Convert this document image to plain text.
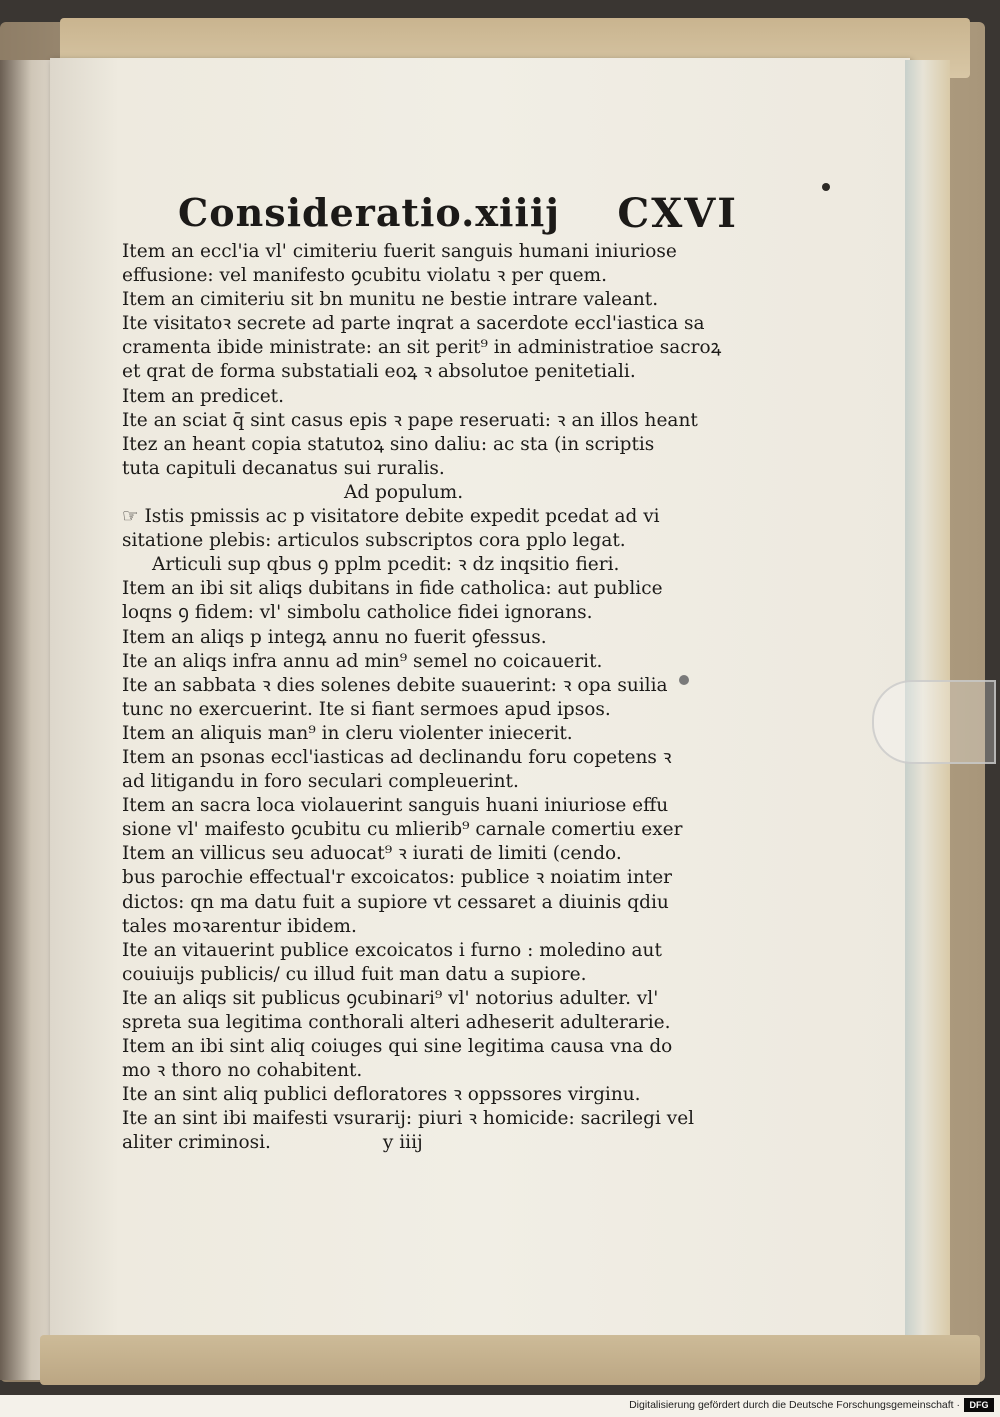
Consideratio.xiiij CXVI
Item an eccl'ia vl' cimiteriu fuerit sanguis humani iniuriose
effusione: vel manifesto ꝯcubitu violatu ꝛ per quem.
Item an cimiteriu sit bn munitu ne bestie intrare valeant.
Ite visitatoꝛ secrete ad parte inqrat a sacerdote eccl'iastica sa
cramenta ibide ministrate: an sit perit⁹ in administratioe sacroꝝ
et qrat de forma substatiali eoꝝ ꝛ absolutoe penitetiali.
Item an predicet.
Ite an sciat q̄ sint casus epis ꝛ pape reseruati: ꝛ an illos heant
Itez an heant copia statutoꝝ sino daliu: ac sta (in scriptis
tuta capituli decanatus sui ruralis.
Ad populum.
☞ Istis pmissis ac p visitatore debite expedit pcedat ad vi
sitatione plebis: articulos subscriptos cora pplo legat.
Articuli sup qbus ꝯ pplm pcedit: ꝛ dz inqsitio fieri.
Item an ibi sit aliqs dubitans in fide catholica: aut publice
loqns ꝯ fidem: vl' simbolu catholice fidei ignorans.
Item an aliqs p integꝝ annu no fuerit ꝯfessus.
Ite an aliqs infra annu ad min⁹ semel no coicauerit.
Ite an sabbata ꝛ dies solenes debite suauerint: ꝛ opa suilia
tunc no exercuerint. Ite si fiant sermoes apud ipsos.
Item an aliquis man⁹ in cleru violenter iniecerit.
Item an psonas eccl'iasticas ad declinandu foru copetens ꝛ
ad litigandu in foro seculari compleuerint.
Item an sacra loca violauerint sanguis huani iniuriose effu
sione vl' maifesto ꝯcubitu cu mlierib⁹ carnale comertiu exer
Item an villicus seu aduocat⁹ ꝛ iurati de limiti (cendo.
bus parochie effectual'r excoicatos: publice ꝛ noiatim inter
dictos: qn ma datu fuit a supiore vt cessaret a diuinis qdiu
tales moꝛarentur ibidem.
Ite an vitauerint publice excoicatos i furno : moledino aut
couiuijs publicis/ cu illud fuit man datu a supiore.
Ite an aliqs sit publicus ꝯcubinari⁹ vl' notorius adulter. vl'
spreta sua legitima conthorali alteri adheserit adulterarie.
Item an ibi sint aliq coiuges qui sine legitima causa vna do
mo ꝛ thoro no cohabitent.
Ite an sint aliq publici defloratores ꝛ oppssores virginu.
Ite an sint ibi maifesti vsurarij: piuri ꝛ homicide: sacrilegi vel
aliter criminosi.	y iiij
Digitalisierung gefördert durch die Deutsche Forschungsgemeinschaft ·	DFG
